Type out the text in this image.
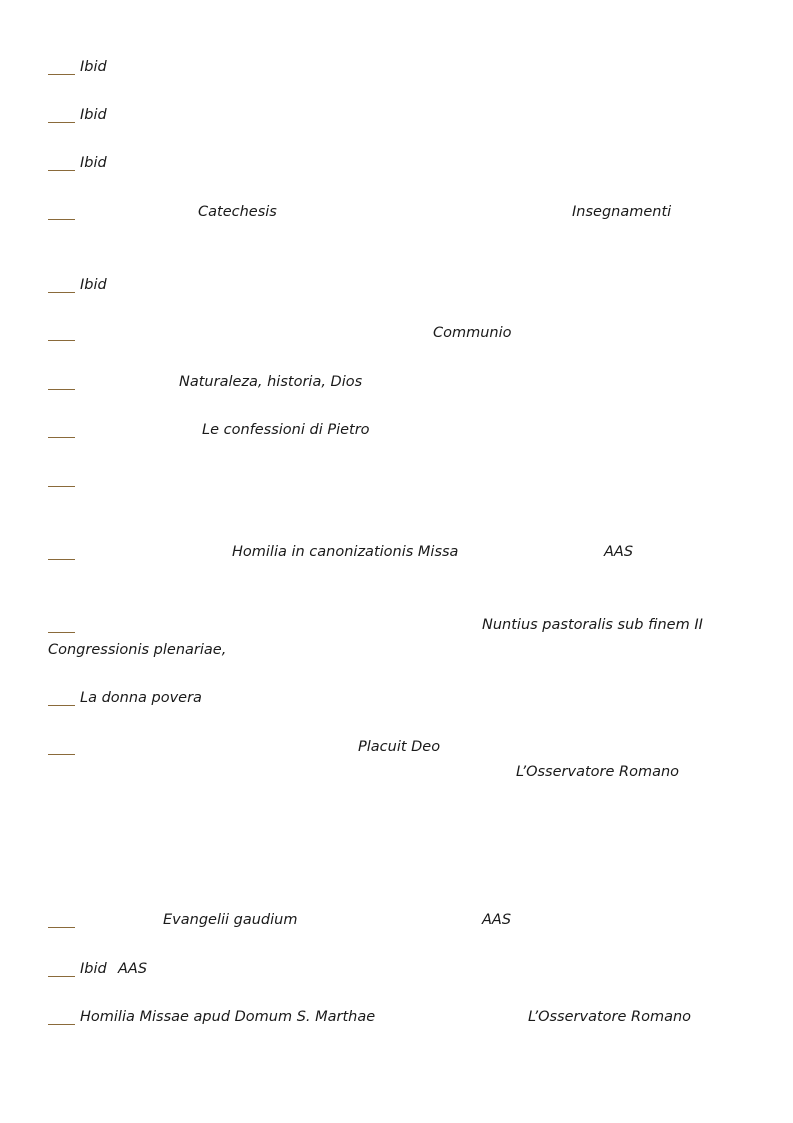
Ibid
Ibid
Ibid
Catechesis	Insegnamenti
Ibid
Communio
Naturaleza, historia, Dios
Le confessioni di Pietro
Homilia in canonizationis Missa	AAS
Nuntius pastoralis sub finem II
Congressionis plenariae,
La donna povera
Placuit Deo
L’Osservatore Romano
Evangelii gaudium	AAS
Ibid AAS
Homilia Missae apud Domum S. Marthae	L’Osservatore Romano
